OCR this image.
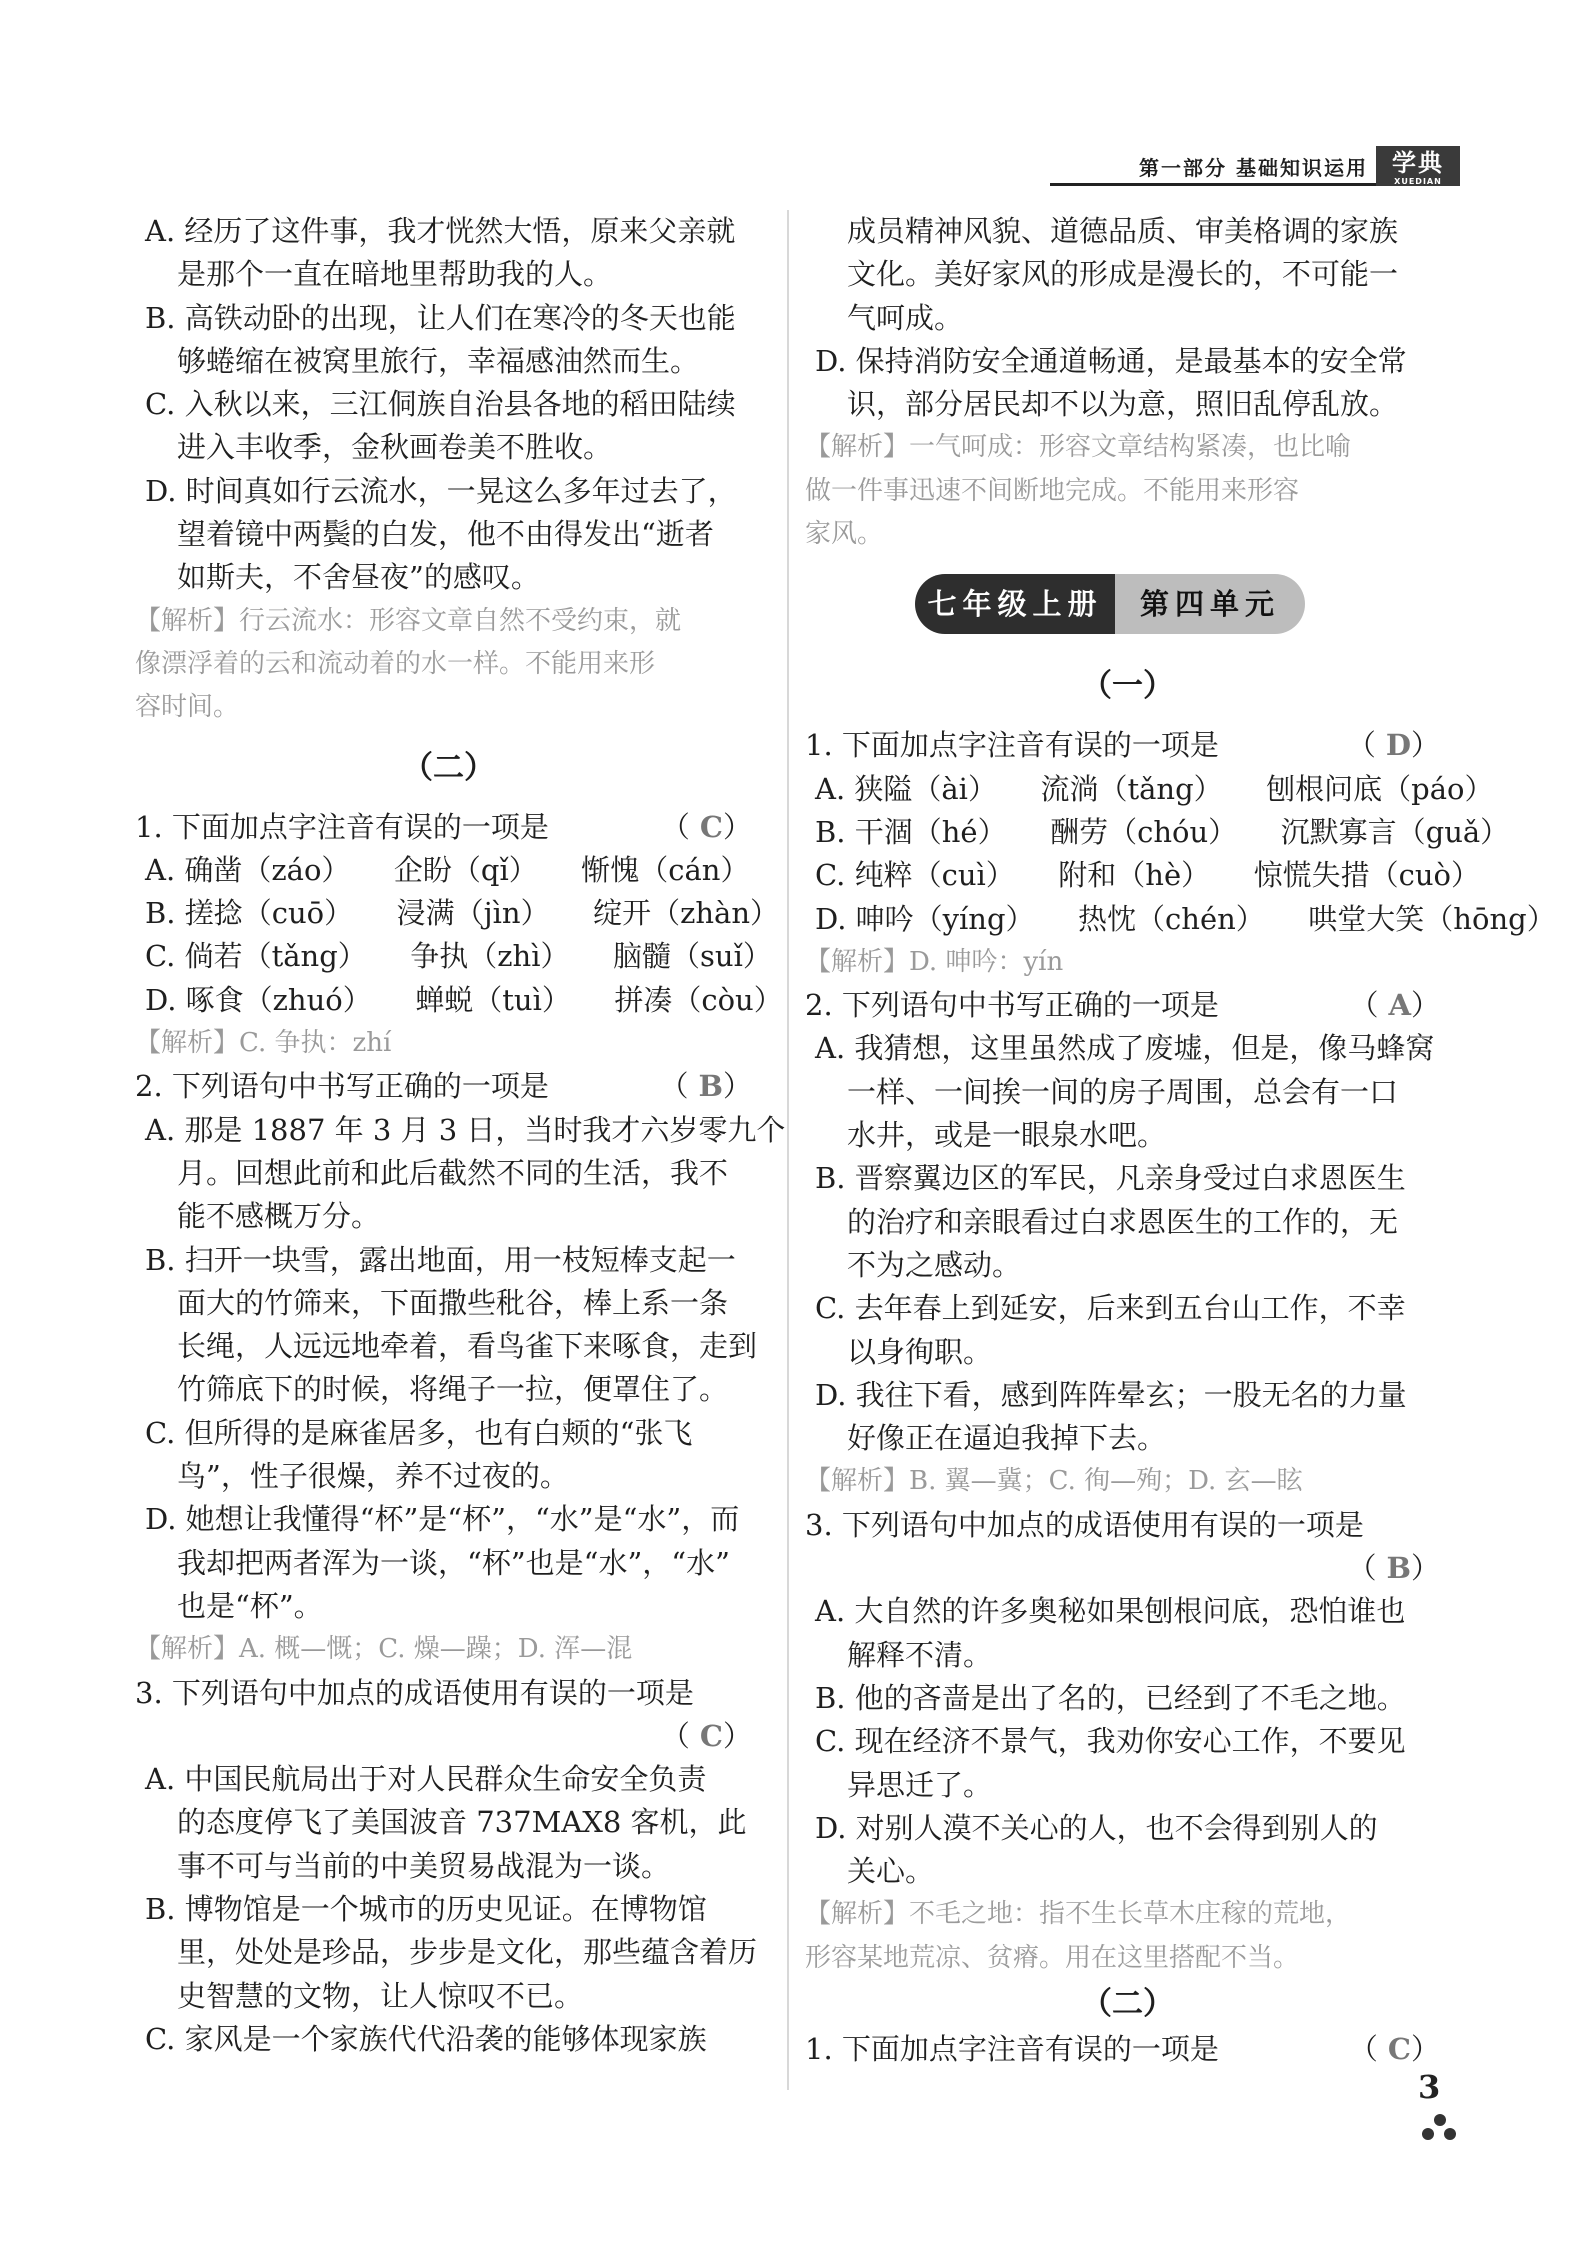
第一部分 基础知识运用	学典
XUEDIAN
A. 经历了这件事，我才恍然大悟，原来父亲就
是那个一直在暗地里帮助我的人。
B. 高铁动卧的出现，让人们在寒冷的冬天也能
够蜷缩在被窝里旅行，幸福感油然而生。
C. 入秋以来，三江侗族自治县各地的稻田陆续
进入丰收季，金秋画卷美不胜收。
D. 时间真如行云流水，一晃这么多年过去了，
望着镜中两鬓的白发，他不由得发出“逝者
如斯夫，不舍昼夜”的感叹。
【解析】行云流水：形容文章自然不受约束，就
像漂浮着的云和流动着的水一样。不能用来形
容时间。
（二）
1. 下面加点字注音有误的一项是	（C）
A. 确凿（záo）　　企盼（qǐ）　　惭愧（cán）
B. 搓捻（cuō）　　浸满（jìn）　　绽开（zhàn）
C. 倘若（tǎng）　　争执（zhì）　　脑髓（suǐ）
D. 啄食（zhuó）　　蝉蜕（tuì）　　拼凑（còu）
【解析】C. 争执：zhí
2. 下列语句中书写正确的一项是	（B）
A. 那是 1887 年 3 月 3 日，当时我才六岁零九个
月。回想此前和此后截然不同的生活，我不
能不感概万分。
B. 扫开一块雪，露出地面，用一枝短棒支起一
面大的竹筛来，下面撒些秕谷，棒上系一条
长绳，人远远地牵着，看鸟雀下来啄食，走到
竹筛底下的时候，将绳子一拉，便罩住了。
C. 但所得的是麻雀居多，也有白颊的“张飞
鸟”，性子很燥，养不过夜的。
D. 她想让我懂得“杯”是“杯”，“水”是“水”，而
我却把两者浑为一谈，“杯”也是“水”，“水”
也是“杯”。
【解析】A. 概—慨；C. 燥—躁；D. 浑—混
3. 下列语句中加点的成语使用有误的一项是
（C）
A. 中国民航局出于对人民群众生命安全负责
的态度停飞了美国波音 737MAX8 客机，此
事不可与当前的中美贸易战混为一谈。
B. 博物馆是一个城市的历史见证。在博物馆
里，处处是珍品，步步是文化，那些蕴含着历
史智慧的文物，让人惊叹不已。
C. 家风是一个家族代代沿袭的能够体现家族
成员精神风貌、道德品质、审美格调的家族
文化。美好家风的形成是漫长的，不可能一
气呵成。
D. 保持消防安全通道畅通，是最基本的安全常
识，部分居民却不以为意，照旧乱停乱放。
【解析】一气呵成：形容文章结构紧凑，也比喻
做一件事迅速不间断地完成。不能用来形容
家风。
七年级上册	第四单元
（一）
1. 下面加点字注音有误的一项是	（D）
A. 狭隘（ài）　　流淌（tǎng）　　刨根问底（páo）
B. 干涸（hé）　　酬劳（chóu）　　沉默寡言（guǎ）
C. 纯粹（cuì）　　附和（hè）　　惊慌失措（cuò）
D. 呻吟（yíng）　　热忱（chén）　　哄堂大笑（hōng）
【解析】D. 呻吟：yín
2. 下列语句中书写正确的一项是	（A）
A. 我猜想，这里虽然成了废墟，但是，像马蜂窝
一样、一间挨一间的房子周围，总会有一口
水井，或是一眼泉水吧。
B. 晋察翼边区的军民，凡亲身受过白求恩医生
的治疗和亲眼看过白求恩医生的工作的，无
不为之感动。
C. 去年春上到延安，后来到五台山工作，不幸
以身徇职。
D. 我往下看，感到阵阵晕玄；一股无名的力量
好像正在逼迫我掉下去。
【解析】B. 翼—冀；C. 徇—殉；D. 玄—眩
3. 下列语句中加点的成语使用有误的一项是
（B）
A. 大自然的许多奥秘如果刨根问底，恐怕谁也
解释不清。
B. 他的吝啬是出了名的，已经到了不毛之地。
C. 现在经济不景气，我劝你安心工作，不要见
异思迁了。
D. 对别人漠不关心的人，也不会得到别人的
关心。
【解析】不毛之地：指不生长草木庄稼的荒地，
形容某地荒凉、贫瘠。用在这里搭配不当。
（二）
1. 下面加点字注音有误的一项是	（C）
3
